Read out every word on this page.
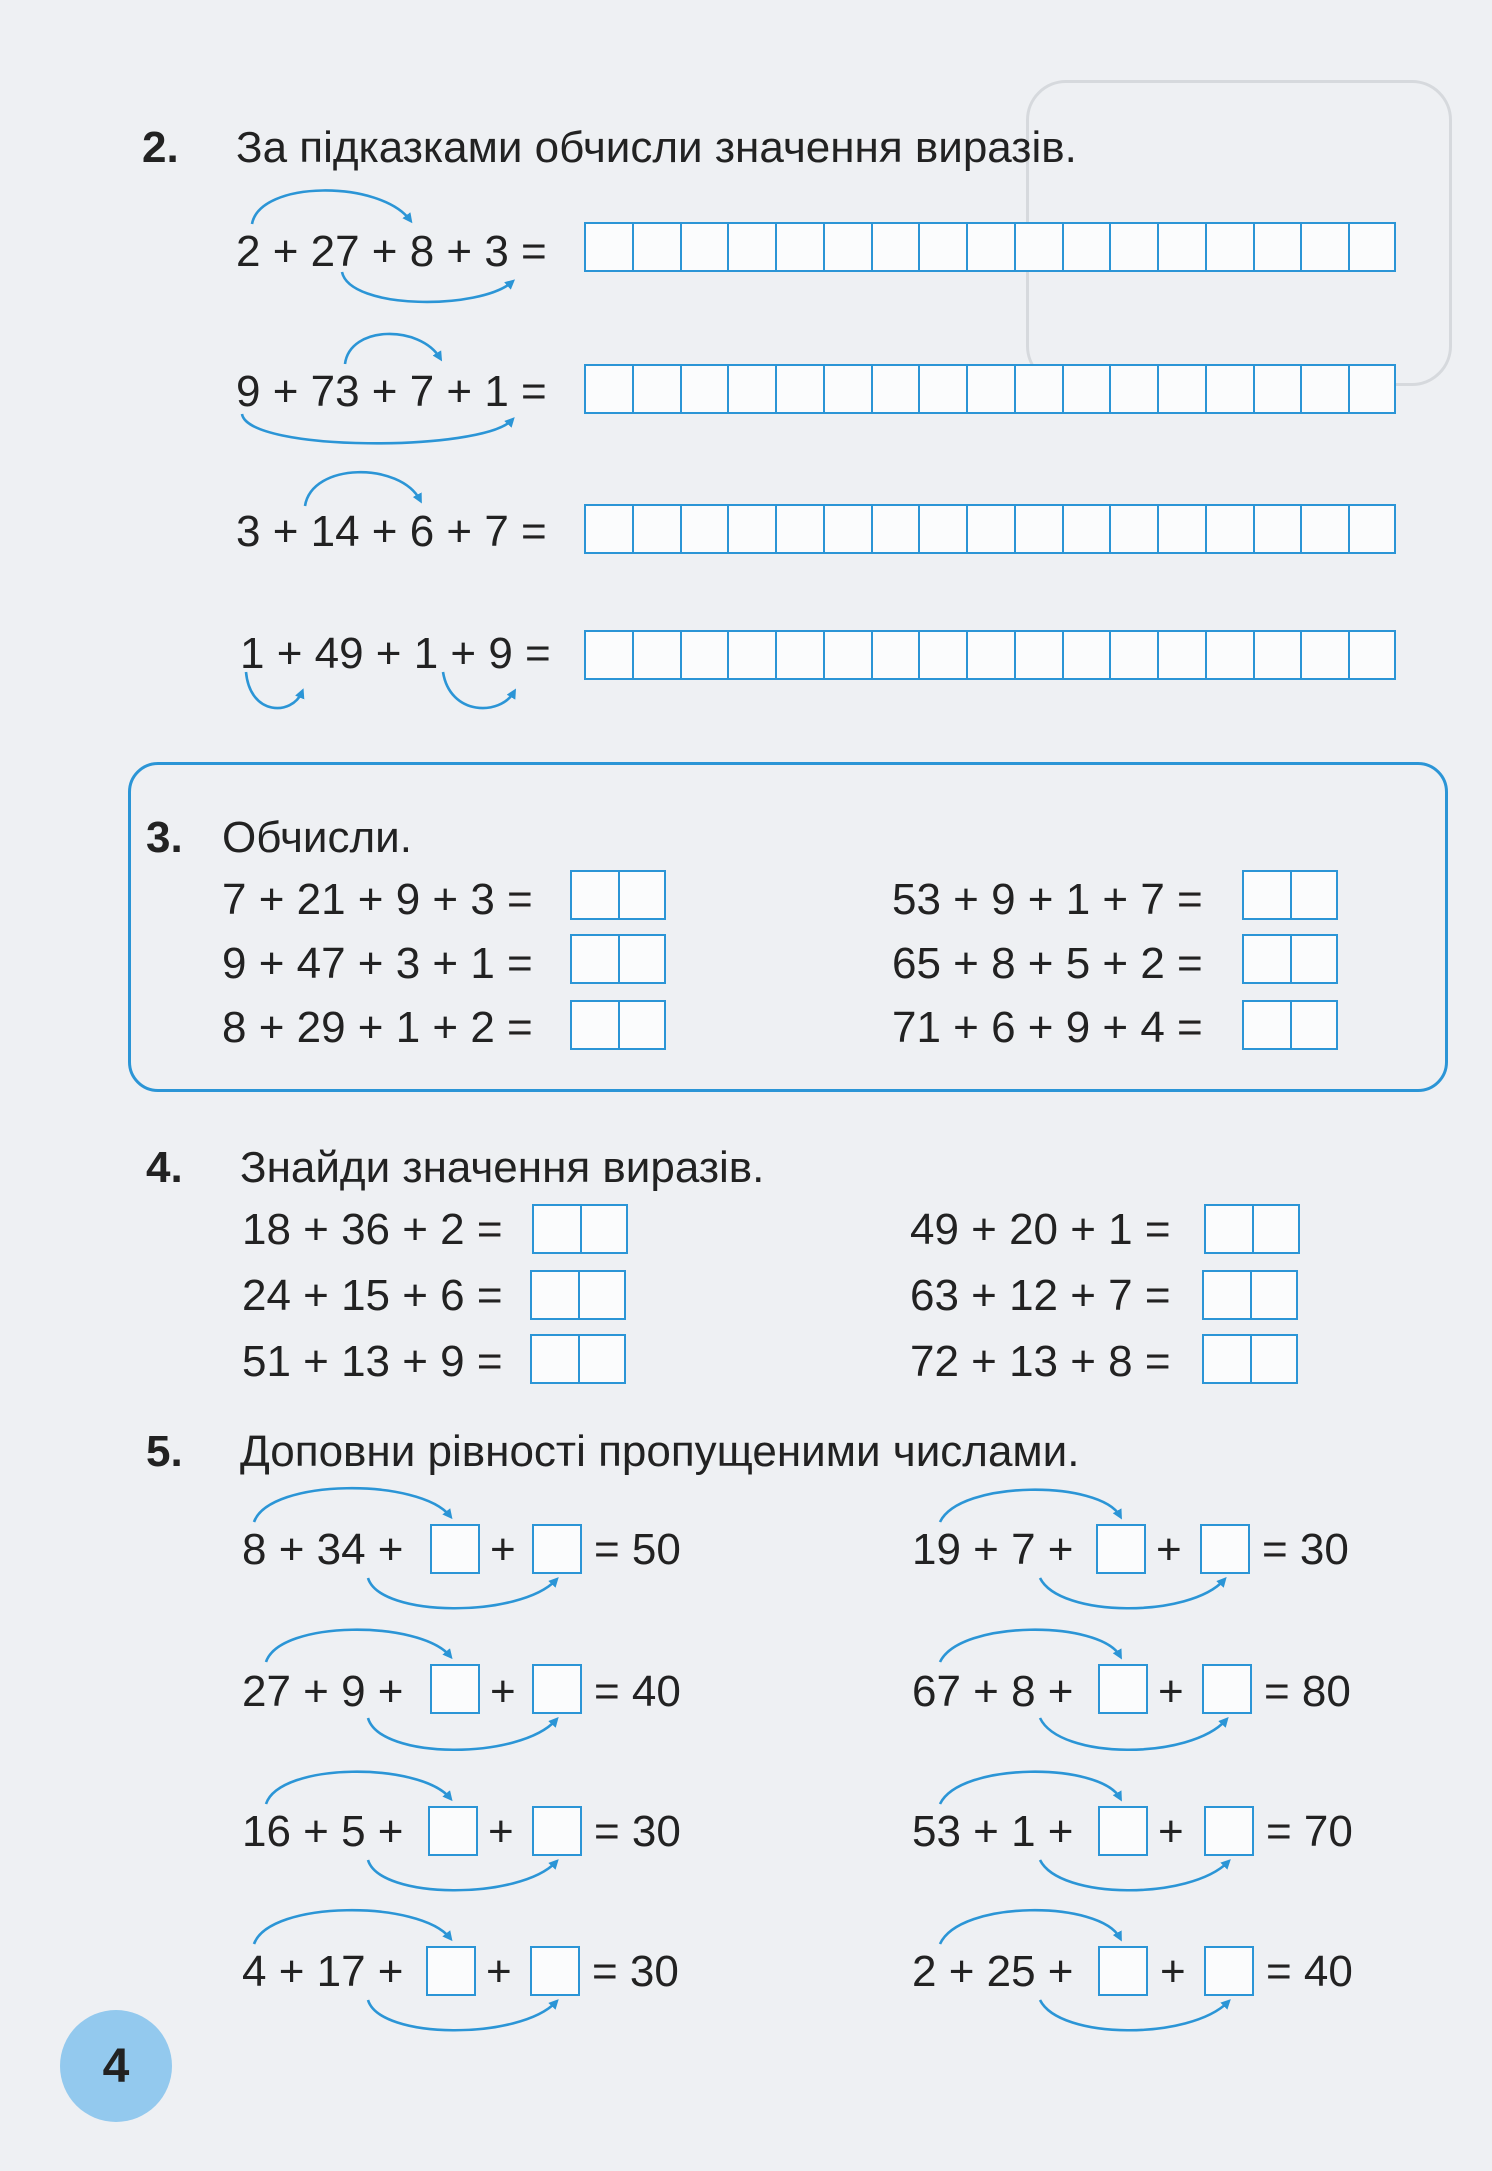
2. За підказками обчисли значення виразів.
2 + 27 + 8 + 3 =
9 + 73 + 7 + 1 =
3 + 14 + 6 + 7 =
1 + 49 + 1 + 9 =
3. Обчисли.
7 + 21 + 9 + 3 =
9 + 47 + 3 + 1 =
8 + 29 + 1 + 2 =
53 + 9 + 1 + 7 =
65 + 8 + 5 + 2 =
71 + 6 + 9 + 4 =
4. Знайди значення виразів.
18 + 36 + 2 =
24 + 15 + 6 =
51 + 13 + 9 =
49 + 20 + 1 =
63 + 12 + 7 =
72 + 13 + 8 =
5. Доповни рівності пропущеними числами.
8 + 34 + + = 50
27 + 9 + + = 40
16 + 5 + + = 30
4 + 17 + + = 30
19 + 7 + + = 30
67 + 8 + + = 80
53 + 1 + + = 70
2 + 25 + + = 40
4
